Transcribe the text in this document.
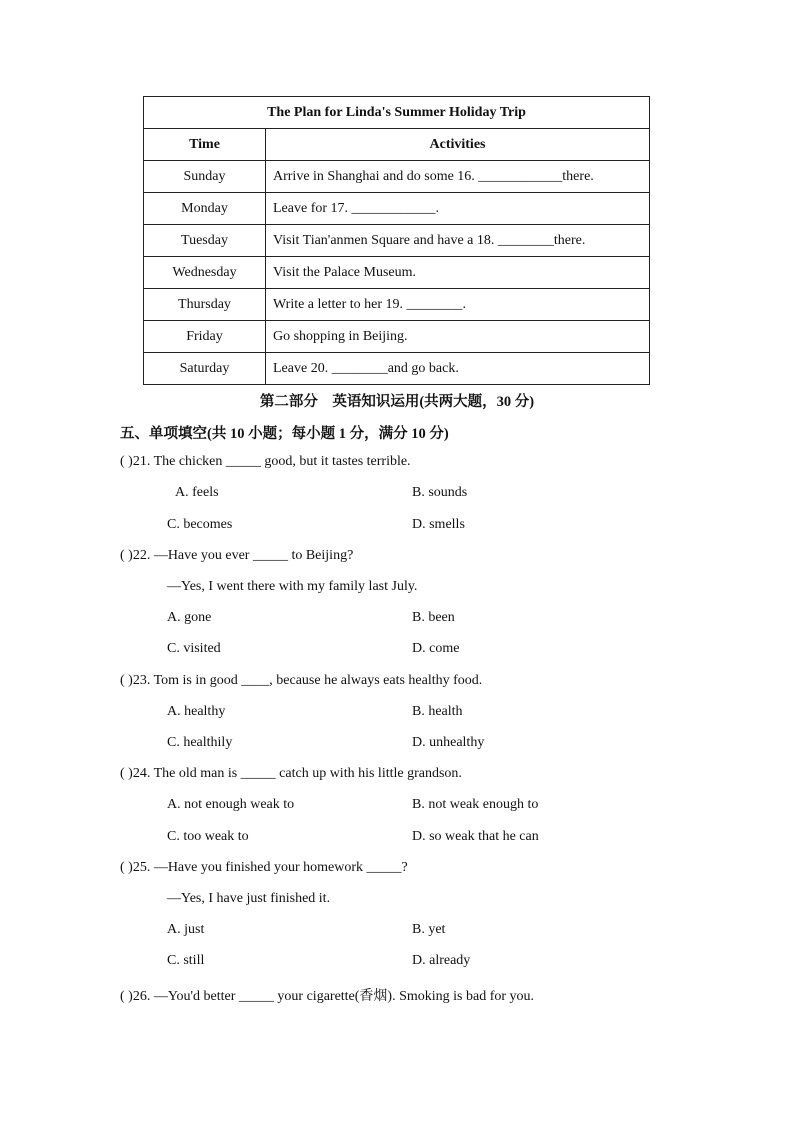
The Plan for Linda's Summer Holiday Trip	
Time	Activities
Sunday	Arrive in Shanghai and do some 16. ____________there.
Monday	Leave for 17. ____________.
Tuesday	Visit Tian'anmen Square and have a 18. ________there.
Wednesday	Visit the Palace Museum.
Thursday	Write a letter to her 19. ________.
Friday	Go shopping in Beijing.
Saturday	Leave 20. ________and go back.
第二部分　英语知识运用(共两大题，30 分)
五、单项填空(共 10 小题；每小题 1 分，满分 10 分)
( )21. The chicken _____ good, but it tastes terrible.
A. feels	B. sounds
C. becomes	D. smells
( )22. —Have you ever _____ to Beijing?
—Yes, I went there with my family last July.
A. gone	B. been
C. visited	D. come
( )23. Tom is in good ____, because he always eats healthy food.
A. healthy	B. health
C. healthily	D. unhealthy
( )24. The old man is _____ catch up with his little grandson.
A. not enough weak to	B. not weak enough to
C. too weak to	D. so weak that he can
( )25. —Have you finished your homework _____?
—Yes, I have just finished it.
A. just	B. yet
C. still	D. already
( )26. —You'd better _____ your cigarette(香烟). Smoking is bad for you.
